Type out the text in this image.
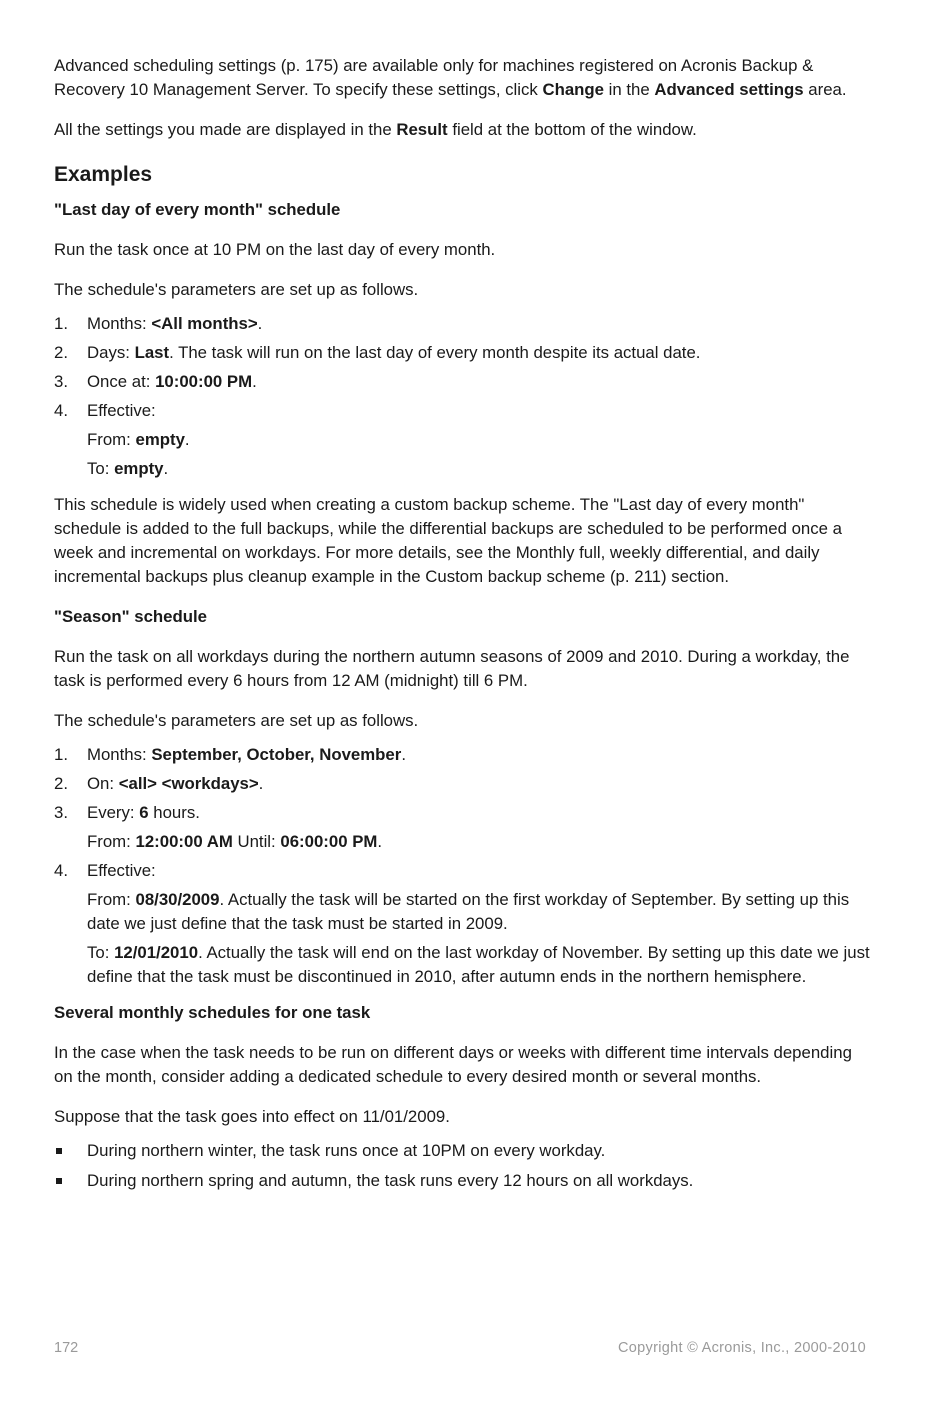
Advanced scheduling settings (p. 175) are available only for machines registered on Acronis Backup & Recovery 10 Management Server. To specify these settings, click Change in the Advanced settings area.

All the settings you made are displayed in the Result field at the bottom of the window.

Examples

"Last day of every month" schedule

Run the task once at 10 PM on the last day of every month.

The schedule's parameters are set up as follows.

1. Months: <All months>.
2. Days: Last. The task will run on the last day of every month despite its actual date.
3. Once at: 10:00:00 PM.
4. Effective:
From: empty.
To: empty.

This schedule is widely used when creating a custom backup scheme. The "Last day of every month" schedule is added to the full backups, while the differential backups are scheduled to be performed once a week and incremental on workdays. For more details, see the Monthly full, weekly differential, and daily incremental backups plus cleanup example in the Custom backup scheme (p. 211) section.

"Season" schedule

Run the task on all workdays during the northern autumn seasons of 2009 and 2010. During a workday, the task is performed every 6 hours from 12 AM (midnight) till 6 PM.

The schedule's parameters are set up as follows.

1. Months: September, October, November.
2. On: <all> <workdays>.
3. Every: 6 hours.
From: 12:00:00 AM Until: 06:00:00 PM.
4. Effective:
From: 08/30/2009. Actually the task will be started on the first workday of September. By setting up this date we just define that the task must be started in 2009.
To: 12/01/2010. Actually the task will end on the last workday of November. By setting up this date we just define that the task must be discontinued in 2010, after autumn ends in the northern hemisphere.

Several monthly schedules for one task

In the case when the task needs to be run on different days or weeks with different time intervals depending on the month, consider adding a dedicated schedule to every desired month or several months.

Suppose that the task goes into effect on 11/01/2009.

During northern winter, the task runs once at 10PM on every workday.
During northern spring and autumn, the task runs every 12 hours on all workdays.
172	Copyright © Acronis, Inc., 2000-2010
